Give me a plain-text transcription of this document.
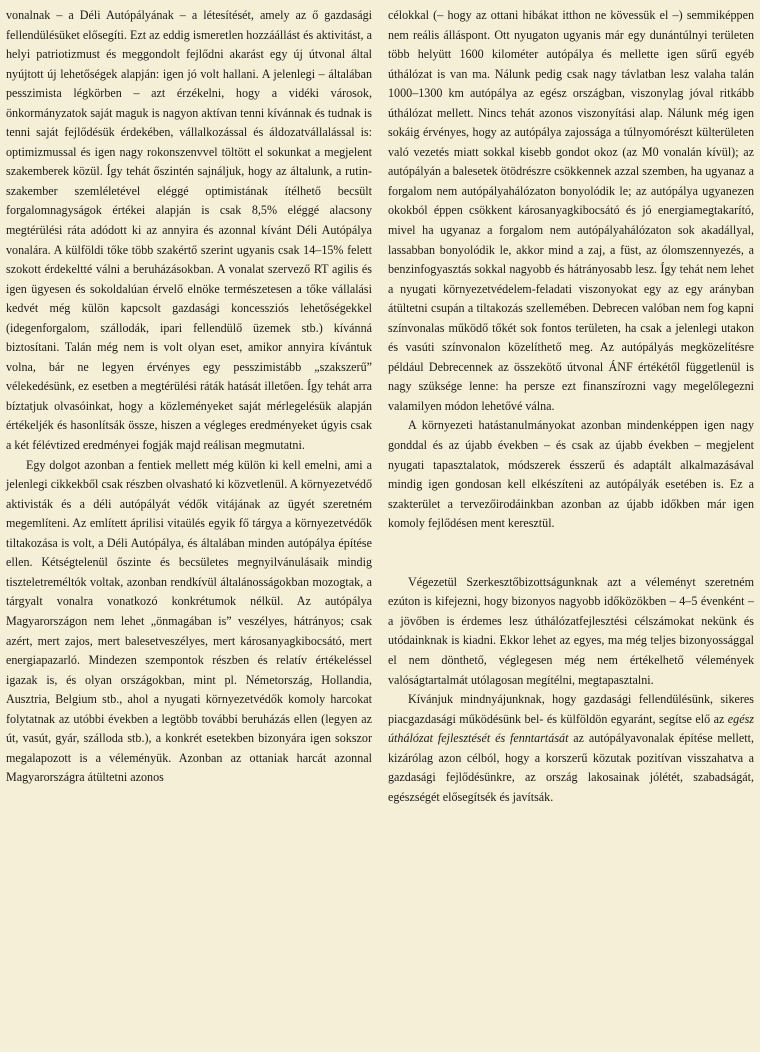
vonalnak – a Déli Autópályának – a létesítését, amely az ő gazdasági fellendülésüket elősegíti. Ezt az eddig ismeretlen hozzáállást és aktivitást, a helyi patriotizmust és meggondolt fejlődni akarást egy új útvonal által nyújtott új lehetőségek alapján: igen jó volt hallani. A jelenlegi – általában pesszimista légkörben – azt érzékelni, hogy a vidéki városok, önkormányzatok saját maguk is nagyon aktívan tenni kívánnak és tudnak is tenni saját fejlődésük érdekében, vállalkozással és áldozatvállalással is: optimizmussal és igen nagy rokonszenvvel töltött el sokunkat a megjelent szakemberek közül. Így tehát őszintén sajnáljuk, hogy az általunk, a rutin-szakember szemléletével eléggé optimistának ítélhető becsült forgalomnagyságok értékei alapján is csak 8,5% eléggé alacsony megtérülési ráta adódott ki az annyira és azonnal kívánt Déli Autópálya vonalára. A külföldi tőke több szakértő szerint ugyanis csak 14–15% felett szokott érdekeltté válni a beruházásokban. A vonalat szervező RT agilis és igen ügyesen és sokoldalúan érvelő elnöke természetesen a tőke vállalási kedvét még külön kapcsolt gazdasági koncessziós lehetőségekkel (idegenforgalom, szállodák, ipari fellendülő üzemek stb.) kívánná biztosítani. Talán még nem is volt olyan eset, amikor annyira kívántuk volna, bár ne legyen érvényes egy pesszimistább „szakszerű” vélekedésünk, ez esetben a megtérülési ráták hatását illetően. Így tehát arra bíztatjuk olvasóinkat, hogy a közleményeket saját mérlegelésük alapján értékeljék és hasonlítsák össze, hiszen a végleges eredményeket úgyis csak a két félévtized eredményei fogják majd reálisan megmutatni.

Egy dolgot azonban a fentiek mellett még külön ki kell emelni, ami a jelenlegi cikkekből csak részben olvasható ki közvetlenül. A környezetvédő aktivisták és a déli autópályát védők vitájának az ügyét szeretném megemlíteni. Az említett áprilisi vitaülés egyik fő tárgya a környezetvédők tiltakozása is volt, a Déli Autópálya, és általában minden autópálya építése ellen. Kétségtelenül őszinte és becsületes megnyilvánulásaik mindig tiszteletreméltók voltak, azonban rendkívül általánosságokban mozogtak, a tárgyalt vonalra vonatkozó konkrétumok nélkül. Az autópálya Magyarországon nem lehet „önmagában is” veszélyes, hátrányos; csak azért, mert zajos, mert balesetveszélyes, mert károsanyagkibocsátó, mert energiapazarló. Mindezen szempontok részben és relatív értékeléssel igazak is, és olyan országokban, mint pl. Németország, Hollandia, Ausztria, Belgium stb., ahol a nyugati környezetvédők komoly harcokat folytatnak az utóbbi években a legtöbb további beruházás ellen (legyen az út, vasút, gyár, szálloda stb.), a konkrét esetekben bizonyára igen sokszor megalapozott is a véleményük. Azonban az ottaniak harcát azonnal Magyarországra átültetni azonos

célokkal (– hogy az ottani hibákat itthon ne kövessük el –) semmiképpen nem reális álláspont. Ott nyugaton ugyanis már egy dunántúlnyi területen több helyütt 1600 kilométer autópálya és mellette igen sűrű egyéb úthálózat is van ma. Nálunk pedig csak nagy távlatban lesz valaha talán 1000–1300 km autópálya az egész országban, viszonylag jóval ritkább úthálózat mellett. Nincs tehát azonos viszonyítási alap. Nálunk még igen sokáig érvényes, hogy az autópálya zajossága a túlnyomórészt külterületen való vezetés miatt sokkal kisebb gondot okoz (az M0 vonalán kívül); az autópályán a balesetek ötödrészre csökkennek azzal szemben, ha ugyanaz a forgalom nem autópályahálózaton bonyolódik le; az autópálya ugyanezen okokból éppen csökkent károsanyagkibocsátó és jó energiamegtakarító, mivel ha ugyanaz a forgalom nem autópályahálózaton sok akadállyal, lassabban bonyolódik le, akkor mind a zaj, a füst, az ólomszennyezés, a benzinfogyasztás sokkal nagyobb és hátrányosabb lesz. Így tehát nem lehet a nyugati környezetvédelem-feladati viszonyokat egy az egy arányban átültetni csupán a tiltakozás szellemében. Debrecen valóban nem fog kapni színvonalas működő tőkét sok fontos területen, ha csak a jelenlegi utakon és vasúti színvonalon közelíthető meg. Az autópályás megközelítésre például Debrecennek az összekötő útvonal ÁNF értékétől függetlenül is nagy szüksége lenne: ha persze ezt finanszírozni vagy megelőlegezni valamilyen módon lehetővé válna.

A környezeti hatástanulmányokat azonban mindenképpen igen nagy gonddal és az újabb években – és csak az újabb években – megjelent nyugati tapasztalatok, módszerek ésszerű és adaptált alkalmazásával mindig igen gondosan kell elkészíteni az autópályák esetében is. Ez a szakterület a tervezőirodáinkban azonban az újabb időkben már igen komoly fejlődésen ment keresztül.

Végezetül Szerkesztőbizottságunknak azt a véleményt szeretném ezúton is kifejezni, hogy bizonyos nagyobb időközökben – 4–5 évenként – a jövőben is érdemes lesz úthálózatfejlesztési célszámokat nekünk és utódainknak is kiadni. Ekkor lehet az egyes, ma még teljes bizonyossággal el nem dönthető, véglegesen még nem értékelhető vélemények valóságtartalmát utólagosan megítélni, megtapasztalni.

Kívánjuk mindnyájunknak, hogy gazdasági fellendülésünk, sikeres piacgazdasági működésünk bel- és külföldön egyaránt, segítse elő az egész úthálózat fejlesztését és fenntartását az autópályavonalak építése mellett, kizárólag azon célból, hogy a korszerű közutak pozitívan visszahatva a gazdasági fejlődésünkre, az ország lakosainak jólétét, szabadságát, egészségét elősegítsék és javítsák.
